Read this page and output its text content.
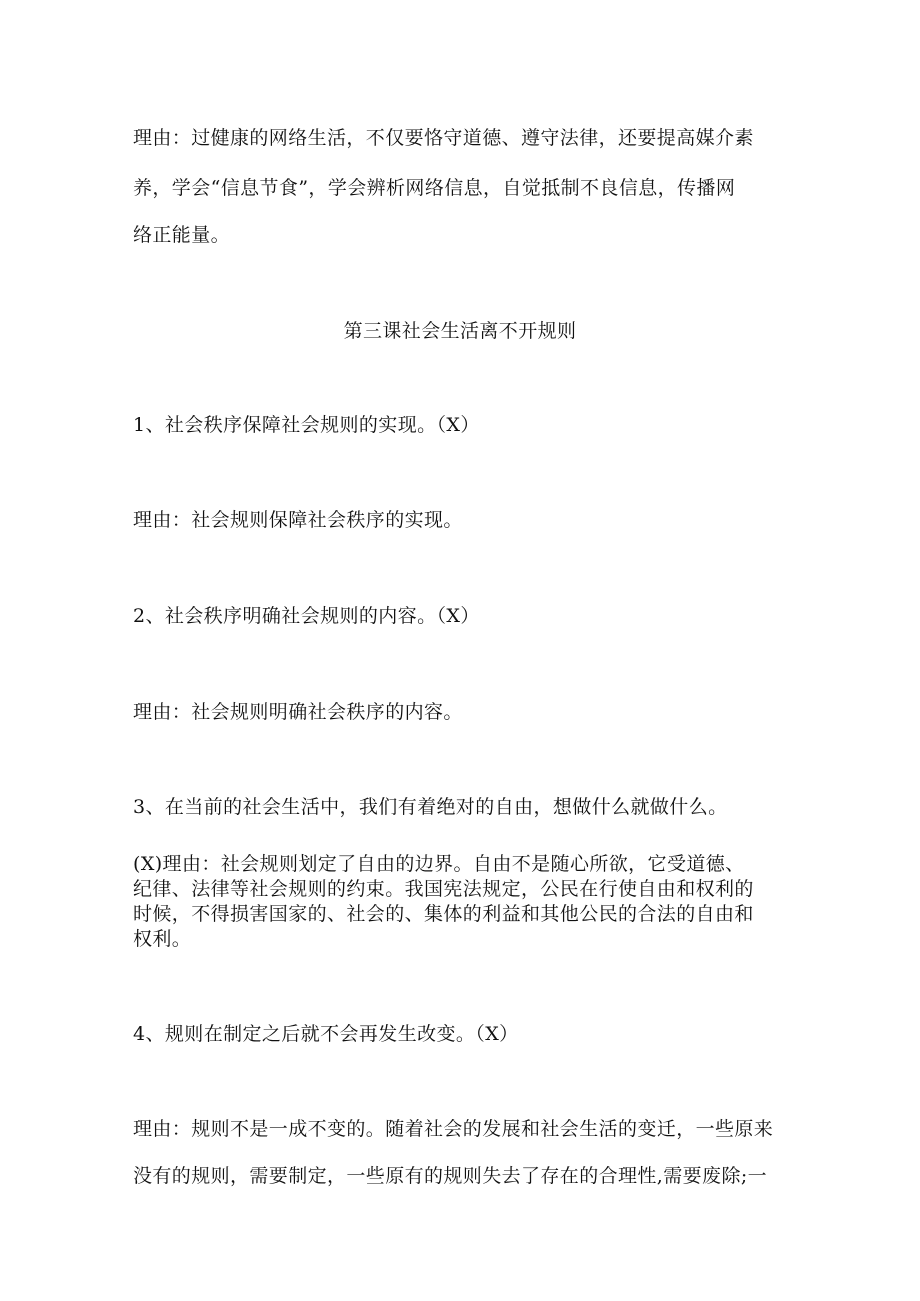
理由：过健康的网络生活，不仅要恪守道德、遵守法律，还要提高媒介素
养，学会“信息节食”，学会辨析网络信息，自觉抵制不良信息，传播网
络正能量。
第三课社会生活离不开规则
1、社会秩序保障社会规则的实现。（X）
理由：社会规则保障社会秩序的实现。
2、社会秩序明确社会规则的内容。（X）
理由：社会规则明确社会秩序的内容。
3、在当前的社会生活中，我们有着绝对的自由，想做什么就做什么。
(X)理由：社会规则划定了自由的边界。自由不是随心所欲，它受道德、
纪律、法律等社会规则的约束。我国宪法规定，公民在行使自由和权利的
时候，不得损害国家的、社会的、集体的利益和其他公民的合法的自由和
权利。
4、规则在制定之后就不会再发生改变。（X）
理由：规则不是一成不变的。随着社会的发展和社会生活的变迁，一些原来
没有的规则，需要制定，一些原有的规则失去了存在的合理性,需要废除;一
